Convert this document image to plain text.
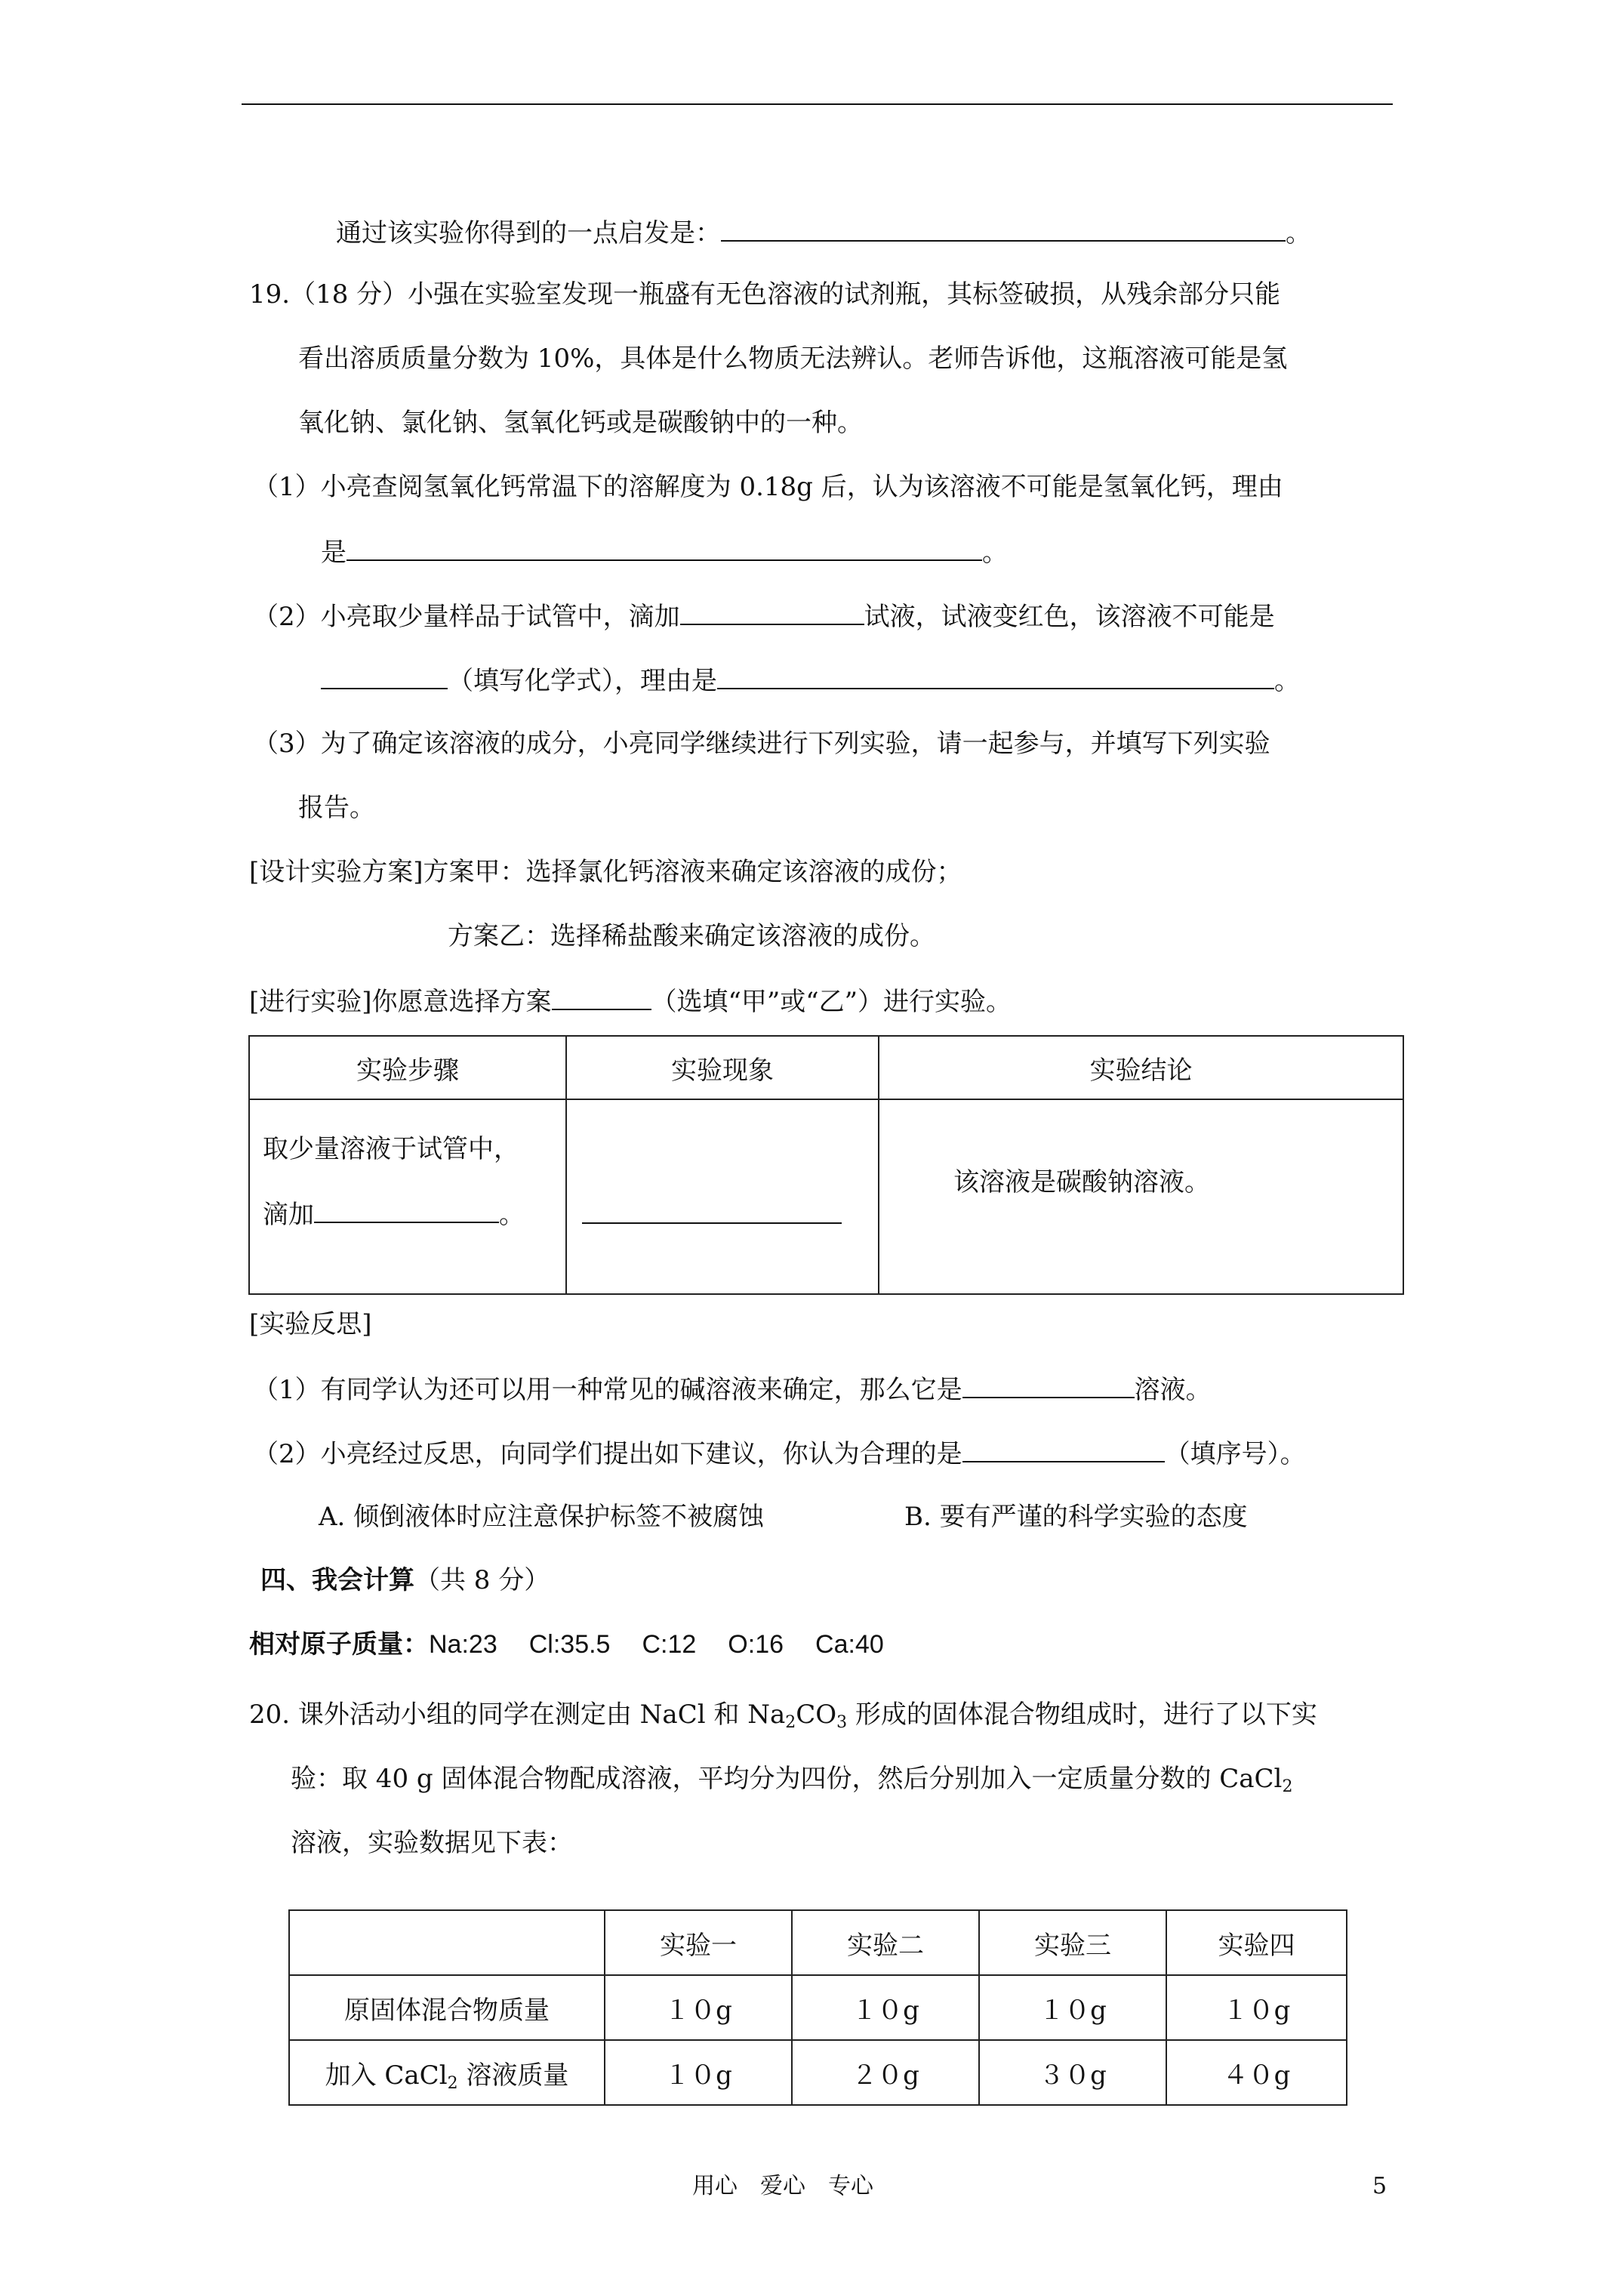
通过该实验你得到的一点启发是：	。
19.（18 分）小强在实验室发现一瓶盛有无色溶液的试剂瓶，其标签破损，从残余部分只能
看出溶质质量分数为 10%，具体是什么物质无法辨认。老师告诉他，这瓶溶液可能是氢
氧化钠、氯化钠、氢氧化钙或是碳酸钠中的一种。
（1）小亮查阅氢氧化钙常温下的溶解度为 0.18g 后，认为该溶液不可能是氢氧化钙，理由
是	。
（2）小亮取少量样品于试管中，滴加	试液，试液变红色，该溶液不可能是
（填写化学式），理由是	。
（3）为了确定该溶液的成分，小亮同学继续进行下列实验，请一起参与，并填写下列实验
报告。
[设计实验方案]方案甲：选择氯化钙溶液来确定该溶液的成份；
方案乙：选择稀盐酸来确定该溶液的成份。
[进行实验]你愿意选择方案	（选填“甲”或“乙”）进行实验。
实验步骤	实验现象	实验结论

取少量溶液于试管中，
滴加 。		该溶液是碳酸钠溶液。
[实验反思]
（1）有同学认为还可以用一种常见的碱溶液来确定，那么它是	溶液。
（2）小亮经过反思，向同学们提出如下建议，你认为合理的是	（填序号）。
A. 倾倒液体时应注意保护标签不被腐蚀	B. 要有严谨的科学实验的态度
四、我会计算（共 8 分）
相对原子质量：Na:23 Cl:35.5 C:12 O:16 Ca:40
20. 课外活动小组的同学在测定由 NaCl 和 $Na_2CO_3$ 形成的固体混合物组成时，进行了以下实
验：取 40 g 固体混合物配成溶液，平均分为四份，然后分别加入一定质量分数的 CaCl$_2$
溶液，实验数据见下表：
	实验一	实验二	实验三	实验四
原固体混合物质量	１０g	１０g	１０g	１０g
加入 CaCl$_2$ 溶液质量	１０g	２０g	３０g	４０g
用心　爱心　专心	5
